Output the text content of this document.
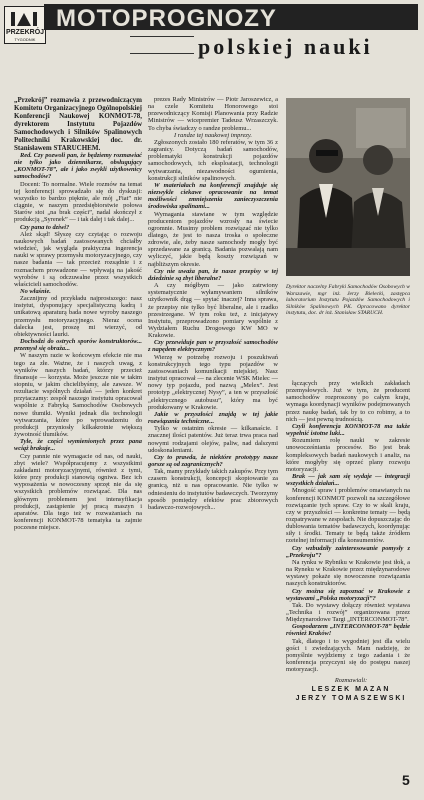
PRZEKRÓJ
TYGODNIK
MOTOPROGNOZY
polskiej nauki

„Przekrój” rozmawia z przewodniczącym Komitetu Organizacyjnego Ogólnopolskiej Konferencji Naukowej KONMOT-78, dyrektorem Instytutu Pojazdów Samochodowych i Silników Spalinowych Politechniki Krakowskiej doc. dr. Stanisławem STARUCHEM.

Red. Czy pozwoli pan, że będziemy rozmawiać nie tylko jako dziennikarze, obsługujący „KONMOT-78”, ale i jako zwykli użytkownicy samochodów?

Docent: To normalne. Wiele rozmów na temat tej konferencji sprowadzało się do dyskusji: wszystko to bardzo pięknie, ale mój „Fiat” nie ciągnie, w naszym przedsiębiorstwie połowa Starów stoi „na brak części”, nadal skończył z produkcją „Syrenek” — i tak dalej i tak dalej...

Czy pana to dziwi?

Ależ skąd! Słyszę czy czytając o rozwoju naukowych badań zastosowanych chciałby wiedzieć, jak wygląda praktyczna ingerencja nauki w sprawy przemysłu motoryzacyjnego, czy nasze badania — tak przecież rozsądnie i z rozmachem prowadzone — wpływają na jakość wyrobów i są odczuwalne przez wszystkich właścicieli samochodów.

No właśnie.

Zacznijmy od przykładu najprostszego: nasz instytut, dysponujący specjalistyczną kadrą i unikatową aparaturą bada nowe wyroby naszego przemysłu motoryzacyjnego. Nieraz ocena dalecka jest, proszę mi wierzyć, od obiektywności laurki.

Dochodzi do ostrych sporów konstruktorów... przemysł się obraża...

W naszym razie w końcowym efekcie nie ma tego za złe. Ważne, że i naszych uwag, z wyników naszych badań, którzy przecież finansuje — korzysta. Może jeszcze nie w takim stopniu, w jakim chcielibyśmy, ale zawsze. W rezultacie wspólnych działań — jeden konkret przytaczamy: zespół naszego instytutu opracował wspólnie z Fabryką Samochodów Osobowych nowe tłumiki. Wyniki jednak dla technologii wytwarzania, które po wprowadzeniu do produkcji przyniosły kilkakrotnie większą żywotność tłumików.

Tyle, że części wymienionych przez pana wciąż brakuje...

Czy pannie nie wymagacie od nas, od nauki, zbyt wiele? Współpracujemy z wszystkimi zakładami motoryzacyjnymi, również z tymi, które przy produkcji stanowią ogniwa. Bez ich wyposażenia w nowoczesny sprzęt nie da się wszystkich problemów rozwiązać. Dla nas głównym problemem jest intensyfikacja produkcji, zastąpienie jej pracą maszyn i aparatów. Dla tego też w rozważaniach na konferencji KONMOT-78 tematyka ta zajmie poczesne miejsce.

prezes Rady Ministrów — Piotr Jaroszewicz, a na czele Komitetu Honorowego stoi przewodniczący Komisji Planowania przy Radzie Ministrów — wicepremier Tadeusz Wrzaszczyk. To chyba świadczy o randze problemu...

I randze tej naukowej imprezy.

Zgłoszonych zostało 180 referatów, w tym 36 z zagranicy. Dotyczą badań samochodów, problematyki konstrukcji pojazdów samochodowych, ich eksploatacji, technologii wytwarzania, niezawodności ogumienia, konstrukcji silników spalinowych.

W materiałach na konferencji znajduje się niezwykle ciekawe opracowanie na temat możliwości zmniejszenia zanieczyszczenia środowiska spalinami...

Wymagania stawiane w tym względzie producentom pojazdów wzrosły na świecie ogromnie. Musimy problem rozwiązać nie tylko dlatego, że jest to nasza troska o społeczne zdrowie, ale, żeby nasze samochody mogły być sprzedawane za granicą. Badania pozwalają nam wyliczyć, jakie będą koszty rozwiązań w najbliższym okresie.

Czy nie uważa pan, że nasze przepisy w tej dziedzinie są zbyt liberalne?

A czy mógłbym — jako zatrwiony systematycznie wyłamywaniem silników użytkownik drąg — spytać inaczej? Inna sprawa, że przepisy nie tylko być liberalne, ale i rzadko przestrzegane. W tym roku też, z inicjatywy Instytutu, przeprowadzono pomiary wspólnie z Wydziałem Ruchu Drogowego KW MO w Krakowie.

Czy przewiduje pan w przyszłość samochodów z napędem elektrycznym?

Wierzę w potrzebę rozwoju i poszukiwań konstrukcyjnych tego typu pojazdów w zastosowaniach komunikacji miejskiej. Nasz instytut opracował — na zlecenie WSK Mielec — nowy typ pojazdu, pod nazwą „Melex”. Jest prototyp „elektrycznej Nysy”, a ten w przyszłość „elektrycznego autobusu”, który ma być produkowany w Krakowie.

Jakie w przyszłości znajdą w tej jakie rozwiązania techniczne...

Tylko w ostatnim okresie — kilkanaście. I znacznej ilości patentów. Już teraz trwa praca nad nowymi rodzajami olejów, paliw, nad dalszymi udoskonaleniami.

Czy to prawda, że niektóre prototypy nasze gorsze są od zagranicznych?

Tak, mamy przykłady takich zakupów. Przy tym czasem konstrukcji, koncepcji skopiowanie za granicą, niż u nas opracowanie. Nie tylko w odniesieniu do instytutów badawczych. Tworzymy sposób pomiędzy efektów prac zbiorowych badawczo-rozwojowych...

Dyrektor naczelny Fabryki Samochodów Osobowych w Warszawie, mgr inż. Jerzy Bielecki, zastępca laboratorium Instytutu Pojazdów Samochodowych i Silników Spalinowych PK. Opracowano dyrektor instytutu, doc. dr inż. Stanisław STARUCH.

łączących przy wielkich zakładach przemysłowych. Już w tym, że producent samochodów rozproszony po całym kraju, wymaga koordynacji wyników podejmowanych przez naukę badań, tak by to co robimy, a to nich — jest pewną trudnością.

Czyli konferencja KONMOT-78 ma także wypełnić istotne luki...

Rozumiem rolę nauki w zakresie unowocześniania procesów. Bo jest brak kompleksowych badań naukowych i analiz, na które mogłyby się oprzeć plany rozwoju motoryzacji.

Brak — jak sam się wydaje — integracji wszystkich działań...

Mnogość spraw i problemów omawianych na konferencji KONMOT pozwoli na szczegółowe rozwiązanie tych spraw. Czy to w skali kraju, czy w przyszłości — konkretne tematy — będą rozpatrywane w zespołach. Nie dopuszczając do dublowania tematów badawczych, koordynując siły i środki. Tematy te będą także źródłem rzetelnej informacji dla konsumentów.

Czy wzbudziły zainteresowanie pomysły z „Przekroju”?

Na rynku w Rybniku w Krakowie jest tłok, a na Ryneku w Krakowie przez międzynarodowe wystawy pokaże się nowoczesne rozwiązania naszych konstruktorów.

Czy można się zapoznać w Krakowie z wystawami „Polska motoryzacji”?

Tak. Do wystawy dołączy również wystawa „Technika i rozwój” organizowana przez Międzynarodowe Targi „INTERCONMOT-78”.

Gospodarzem „INTERCONMOT-78” będzie również Kraków!

Tak, dlatego i to wygodniej jest dla wielu gości i zwiedzających. Mam nadzieję, że pomyślnie wyjdziemy z tego zadania i że konferencja przyczyni się do postępu naszej motoryzacji.

Rozmawiali:

LESZEK MAZAN

JERZY TOMASZEWSKI

5
